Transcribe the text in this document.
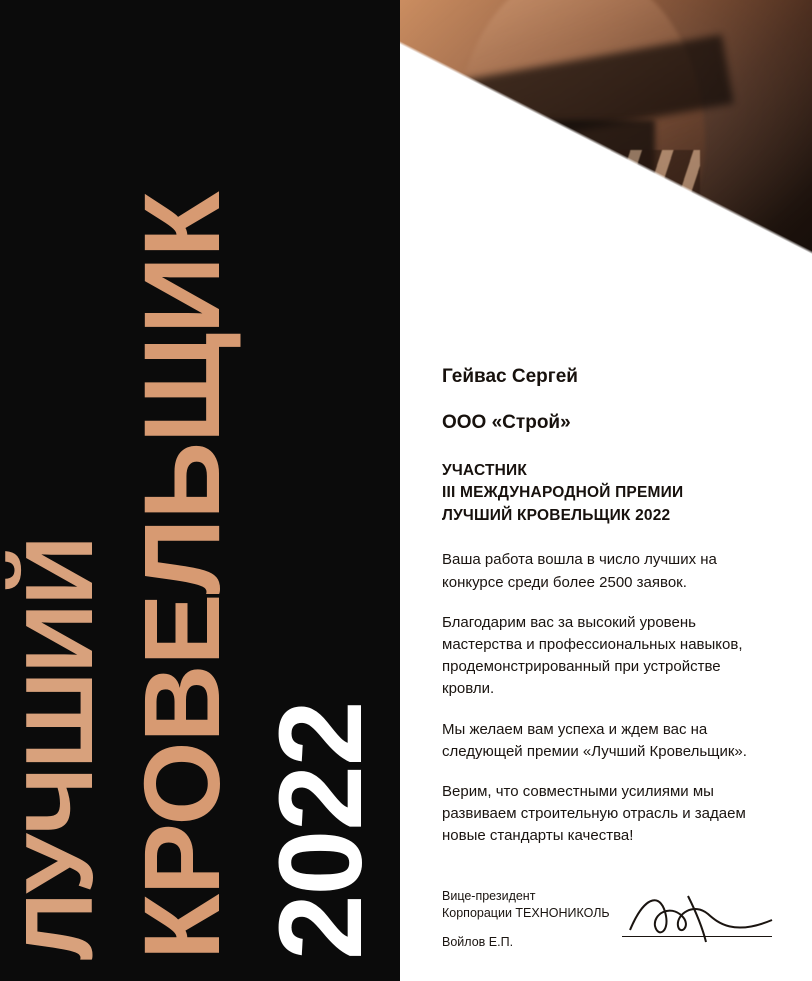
ЛУЧШИЙ КРОВЕЛЬЩИК 2022
Гейвас Сергей
ООО «Строй»
УЧАСТНИК
III МЕЖДУНАРОДНОЙ ПРЕМИИ
ЛУЧШИЙ КРОВЕЛЬЩИК 2022

Ваша работа вошла в число лучших на конкурсе среди более 2500 заявок.

Благодарим вас за высокий уровень мастерства и профессиональных навыков, продемонстрированный при устройстве кровли.

Мы желаем вам успеха и ждем вас на следующей премии «Лучший Кровельщик».

Верим, что совместными усилиями мы развиваем строительную отрасль и задаем новые стандарты качества!

Вице-президент
Корпорации ТЕХНОНИКОЛЬ
Войлов Е.П.
